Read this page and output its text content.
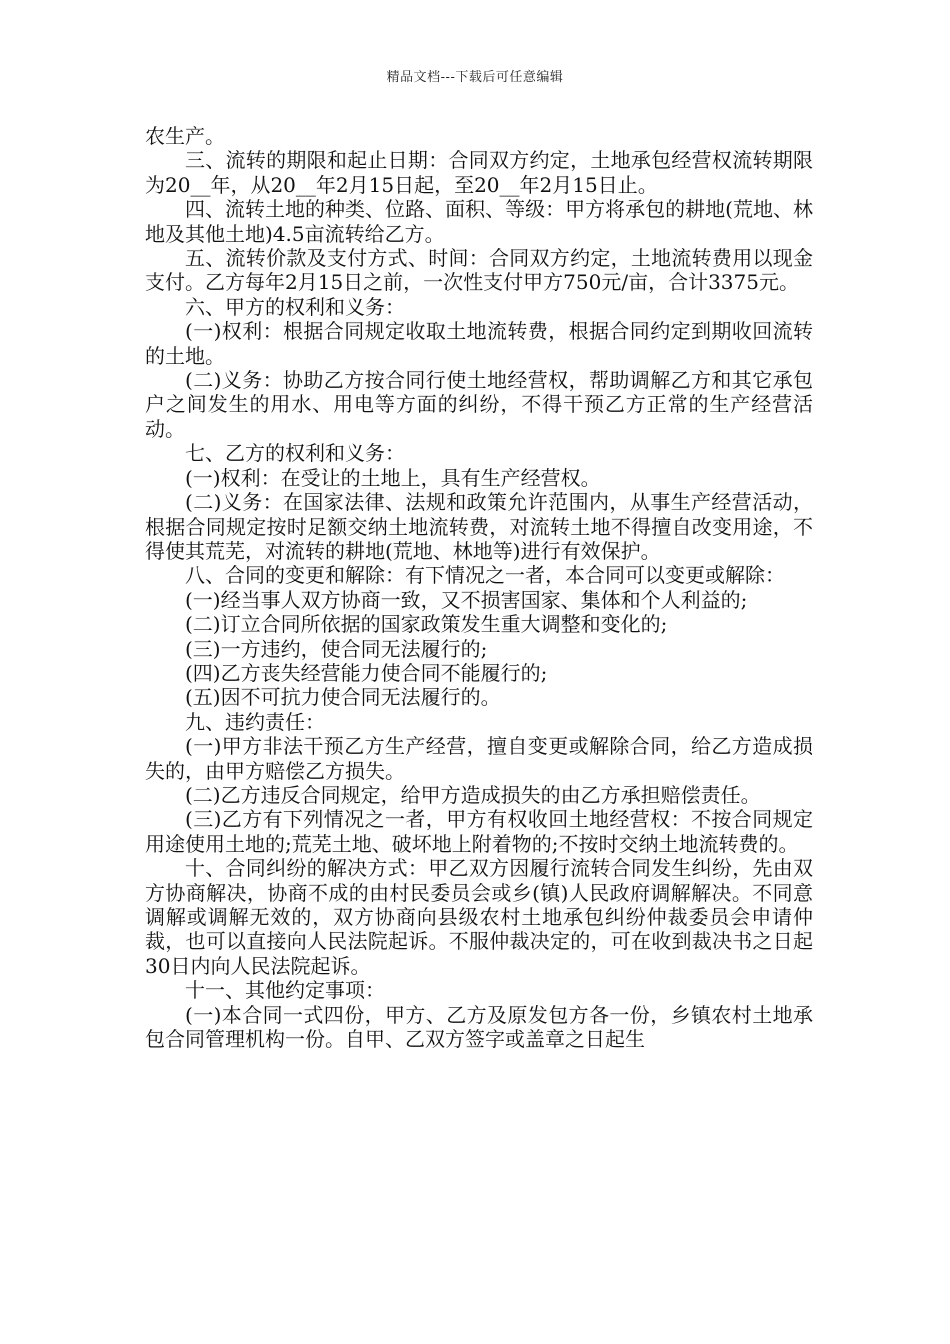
精品文档---下载后可任意编辑

农生产。

三、流转的期限和起止日期：合同双方约定，土地承包经营权流转期限为20__年，从20__年2月15日起，至20__年2月15日止。

四、流转土地的种类、位路、面积、等级：甲方将承包的耕地(荒地、林地及其他土地)4.5亩流转给乙方。

五、流转价款及支付方式、时间：合同双方约定，土地流转费用以现金支付。乙方每年2月15日之前，一次性支付甲方750元/亩，合计3375元。

六、甲方的权利和义务：

(一)权利：根据合同规定收取土地流转费，根据合同约定到期收回流转的土地。

(二)义务：协助乙方按合同行使土地经营权，帮助调解乙方和其它承包户之间发生的用水、用电等方面的纠纷，不得干预乙方正常的生产经营活动。

七、乙方的权利和义务：

(一)权利：在受让的土地上，具有生产经营权。

(二)义务：在国家法律、法规和政策允许范围内，从事生产经营活动，根据合同规定按时足额交纳土地流转费，对流转土地不得擅自改变用途，不得使其荒芜，对流转的耕地(荒地、林地等)进行有效保护。

八、合同的变更和解除：有下情况之一者，本合同可以变更或解除：

(一)经当事人双方协商一致，又不损害国家、集体和个人利益的;

(二)订立合同所依据的国家政策发生重大调整和变化的;

(三)一方违约，使合同无法履行的;

(四)乙方丧失经营能力使合同不能履行的;

(五)因不可抗力使合同无法履行的。

九、违约责任：

(一)甲方非法干预乙方生产经营，擅自变更或解除合同，给乙方造成损失的，由甲方赔偿乙方损失。

(二)乙方违反合同规定，给甲方造成损失的由乙方承担赔偿责任。

(三)乙方有下列情况之一者，甲方有权收回土地经营权：不按合同规定用途使用土地的;荒芜土地、破坏地上附着物的;不按时交纳土地流转费的。

十、合同纠纷的解决方式：甲乙双方因履行流转合同发生纠纷，先由双方协商解决，协商不成的由村民委员会或乡(镇)人民政府调解解决。不同意调解或调解无效的，双方协商向县级农村土地承包纠纷仲裁委员会申请仲裁，也可以直接向人民法院起诉。不服仲裁决定的，可在收到裁决书之日起30日内向人民法院起诉。

十一、其他约定事项：

(一)本合同一式四份，甲方、乙方及原发包方各一份，乡镇农村土地承包合同管理机构一份。自甲、乙双方签字或盖章之日起生
